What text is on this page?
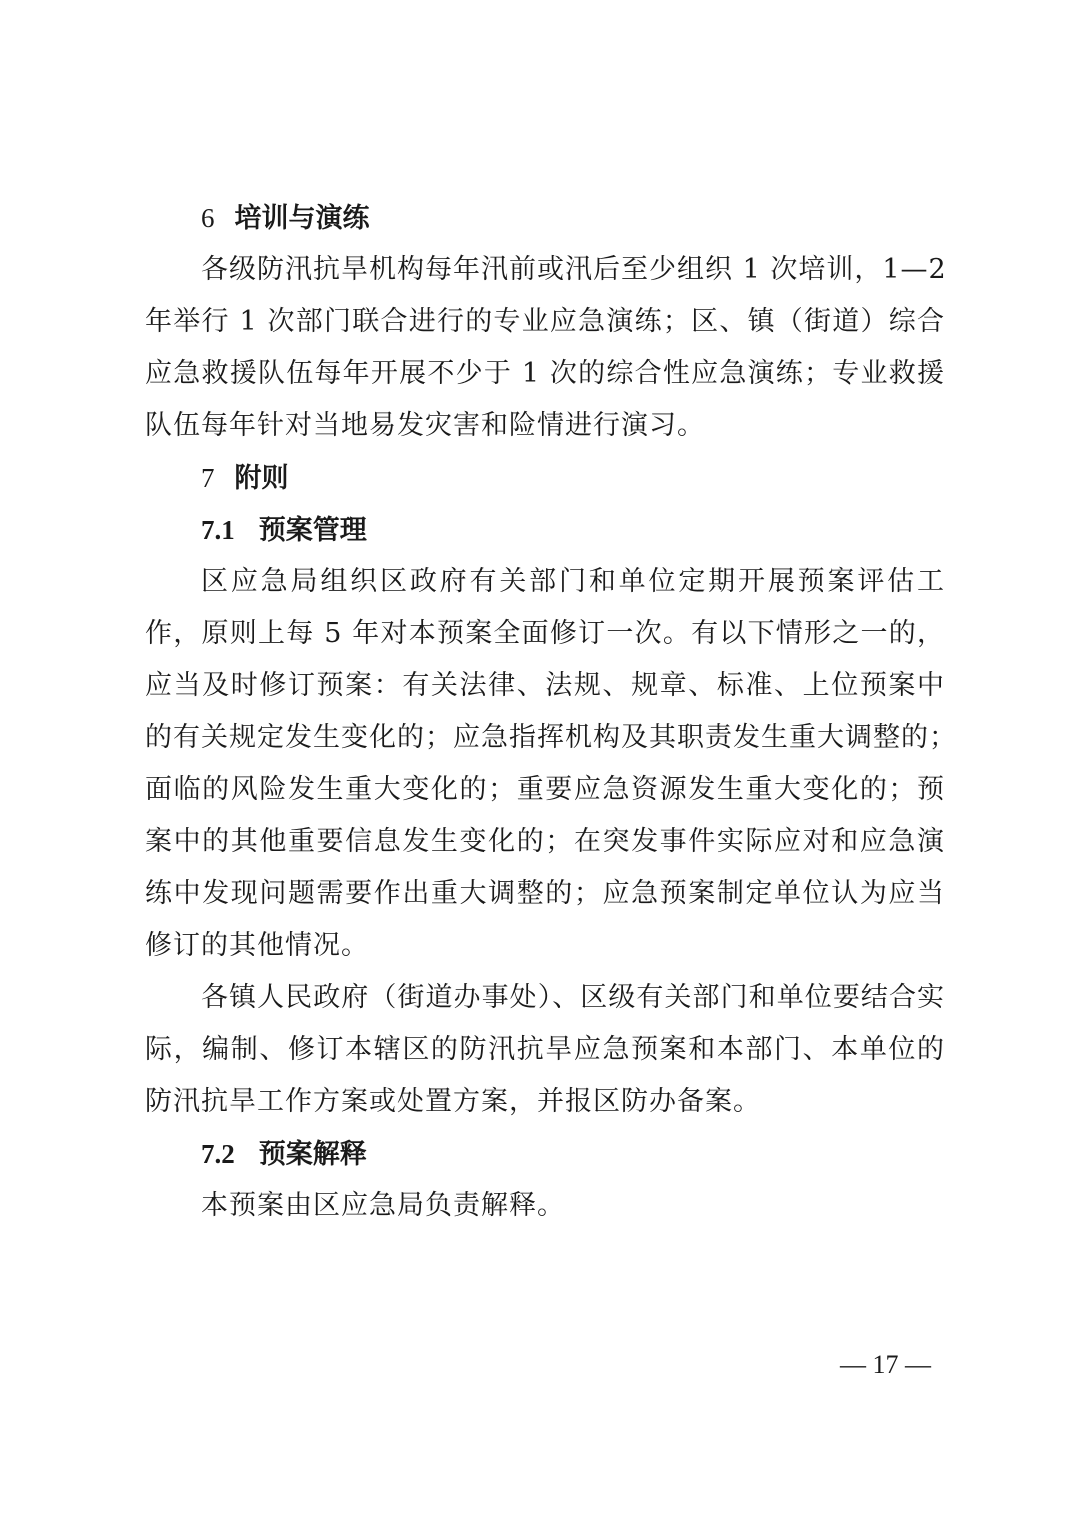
6 培训与演练

各级防汛抗旱机构每年汛前或汛后至少组织 1 次培训，1—2
年举行 1 次部门联合进行的专业应急演练；区、镇（街道）综合
应急救援队伍每年开展不少于 1 次的综合性应急演练；专业救援
队伍每年针对当地易发灾害和险情进行演习。

7 附则
7.1 预案管理

区应急局组织区政府有关部门和单位定期开展预案评估工
作，原则上每 5 年对本预案全面修订一次。有以下情形之一的，
应当及时修订预案：有关法律、法规、规章、标准、上位预案中
的有关规定发生变化的；应急指挥机构及其职责发生重大调整的；
面临的风险发生重大变化的；重要应急资源发生重大变化的；预
案中的其他重要信息发生变化的；在突发事件实际应对和应急演
练中发现问题需要作出重大调整的；应急预案制定单位认为应当
修订的其他情况。

各镇人民政府（街道办事处）、区级有关部门和单位要结合实
际，编制、修订本辖区的防汛抗旱应急预案和本部门、本单位的
防汛抗旱工作方案或处置方案，并报区防办备案。

7.2 预案解释

本预案由区应急局负责解释。

— 17 —
